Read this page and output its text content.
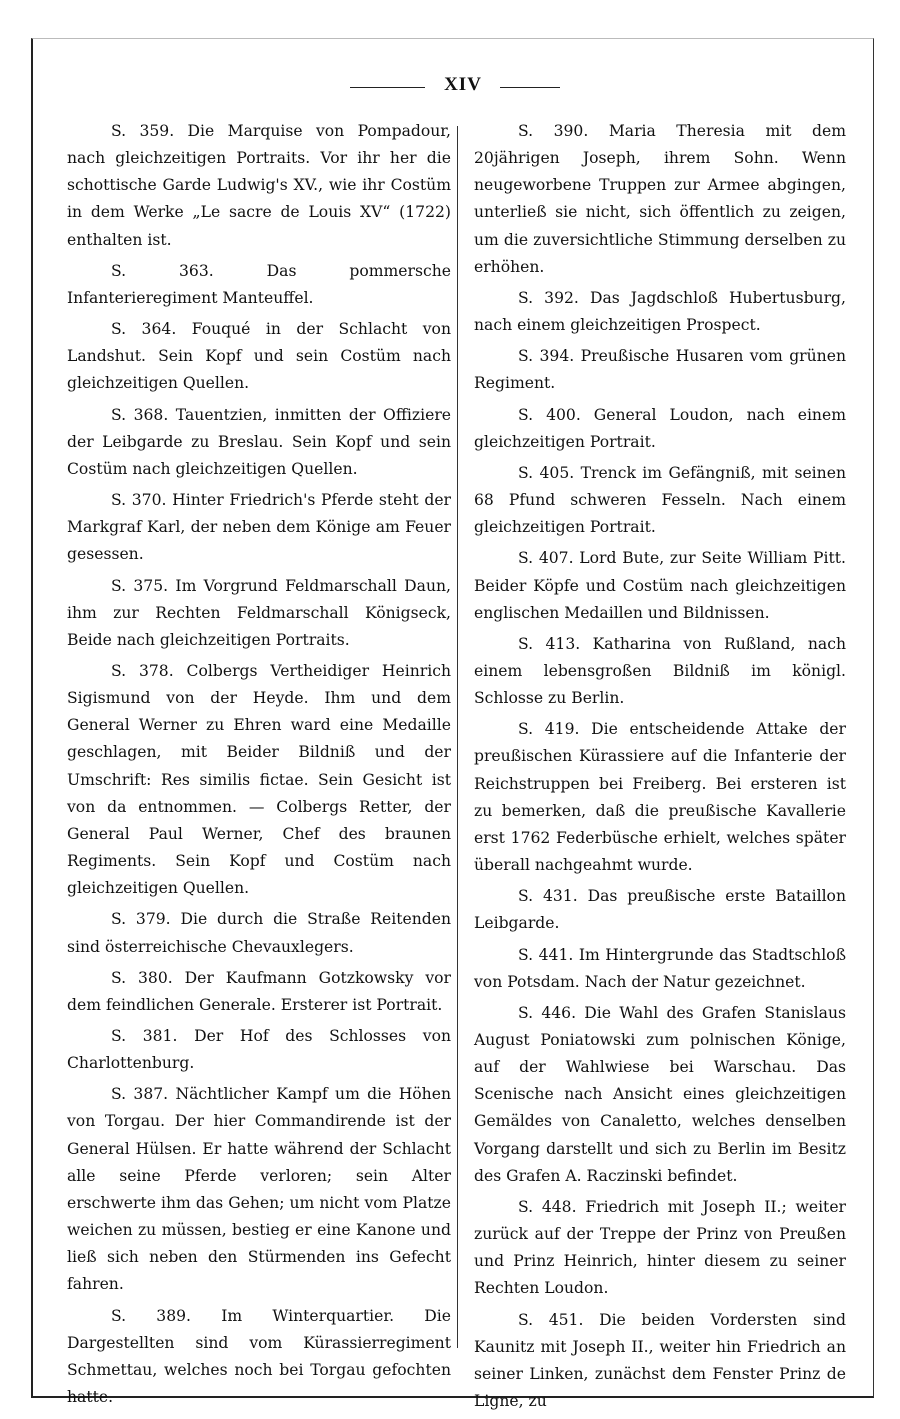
XIV

S. 359. Die Marquise von Pompadour, nach gleichzeitigen Portraits. Vor ihr her die schottische Garde Ludwig's XV., wie ihr Costüm in dem Werke „Le sacre de Louis XV“ (1722) enthalten ist.

S. 363.	Das pommersche Infanterieregiment Manteuffel.

S. 364. Fouqué in der Schlacht von Landshut. Sein Kopf und sein Costüm nach gleichzeitigen Quellen.

S. 368. Tauentzien, inmitten der Offiziere der Leibgarde zu Breslau. Sein Kopf und sein Costüm nach gleichzeitigen Quellen.

S. 370. Hinter Friedrich's Pferde steht der Markgraf Karl, der neben dem Könige am Feuer gesessen.

S. 375. Im Vorgrund Feldmarschall Daun, ihm zur Rechten Feldmarschall Königseck, Beide nach gleichzeitigen Portraits.

S. 378. Colbergs Vertheidiger Heinrich Sigismund von der Heyde. Ihm und dem General Werner zu Ehren ward eine Medaille geschlagen, mit Beider Bildniß und der Umschrift: Res similis fictae. Sein Gesicht ist von da entnommen. — Colbergs Retter, der General Paul Werner, Chef des braunen Regiments. Sein Kopf und Costüm nach gleichzeitigen Quellen.

S. 379. Die durch die Straße Reitenden sind österreichische Chevauxlegers.

S. 380. Der Kaufmann Gotzkowsky vor dem feindlichen Generale. Ersterer ist Portrait.

S. 381. Der Hof des Schlosses von Charlottenburg.

S. 387. Nächtlicher Kampf um die Höhen von Torgau. Der hier Commandirende ist der General Hülsen. Er hatte während der Schlacht alle seine Pferde verloren; sein Alter erschwerte ihm das Gehen; um nicht vom Platze weichen zu müssen, bestieg er eine Kanone und ließ sich neben den Stürmenden ins Gefecht fahren.

S. 389. Im Winterquartier. Die Dargestellten sind vom Kürassierregiment Schmettau, welches noch bei Torgau gefochten hatte.

S. 390. Maria Theresia mit dem 20jährigen Joseph, ihrem Sohn. Wenn neugeworbene Truppen zur Armee abgingen, unterließ sie nicht, sich öffentlich zu zeigen, um die zuversichtliche Stimmung derselben zu erhöhen.

S. 392. Das Jagdschloß Hubertusburg, nach einem gleichzeitigen Prospect.

S. 394. Preußische Husaren vom grünen Regiment.

S. 400. General Loudon, nach einem gleichzeitigen Portrait.

S. 405. Trenck im Gefängniß, mit seinen 68 Pfund schweren Fesseln. Nach einem gleichzeitigen Portrait.

S. 407. Lord Bute, zur Seite William Pitt. Beider Köpfe und Costüm nach gleichzeitigen englischen Medaillen und Bildnissen.

S. 413. Katharina von Rußland, nach einem lebensgroßen Bildniß im königl. Schlosse zu Berlin.

S. 419. Die entscheidende Attake der preußischen Kürassiere auf die Infanterie der Reichstruppen bei Freiberg. Bei ersteren ist zu bemerken, daß die preußische Kavallerie erst 1762 Federbüsche erhielt, welches später überall nachgeahmt wurde.

S. 431. Das preußische erste Bataillon Leibgarde.

S. 441. Im Hintergrunde das Stadtschloß von Potsdam. Nach der Natur gezeichnet.

S. 446. Die Wahl des Grafen Stanislaus August Poniatowski zum polnischen Könige, auf der Wahlwiese bei Warschau. Das Scenische nach Ansicht eines gleichzeitigen Gemäldes von Canaletto, welches denselben Vorgang darstellt und sich zu Berlin im Besitz des Grafen A. Raczinski befindet.

S. 448. Friedrich mit Joseph II.; weiter zurück auf der Treppe der Prinz von Preußen und Prinz Heinrich, hinter diesem zu seiner Rechten Loudon.

S. 451. Die beiden Vordersten sind Kaunitz mit Joseph II., weiter hin Friedrich an seiner Linken, zunächst dem Fenster Prinz de Ligne, zu
